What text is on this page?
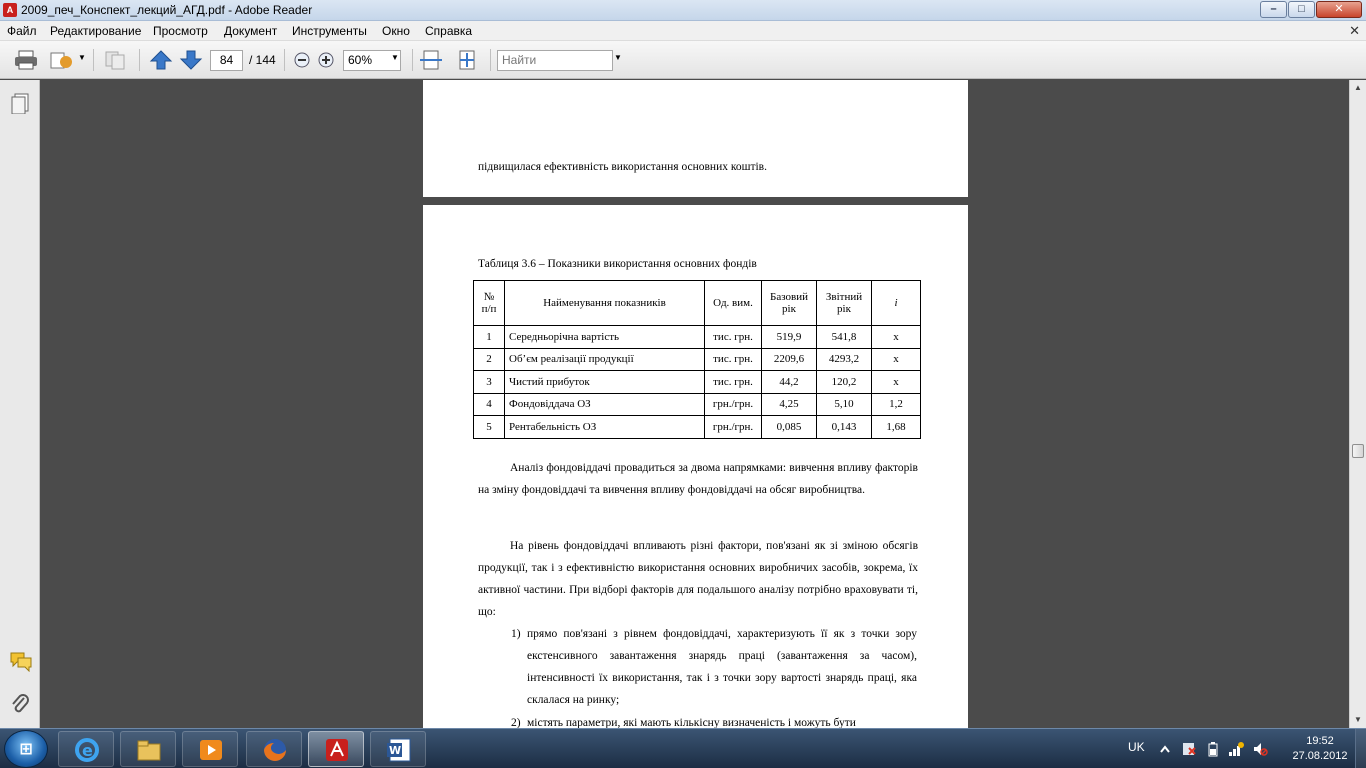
A 2009_печ_Конспект_лекций_АГД.pdf - Adobe Reader	–	□	✕
Файл Редактирование Просмотр Документ Инструменты Окно Справка	✕
▼	84	/ 144	60%	▼	Найти	▼
підвищилася ефективність використання основних коштів.
Таблиця 3.6 – Показники використання основних фондів
№ п/п	Найменування показників	Од. вим.	Базовий рік	Звітний рік	і
1	Середньорічна вартість	тис. грн.	519,9	541,8	х
2	Об’єм реалізації продукції	тис. грн.	2209,6	4293,2	х
3	Чистий прибуток	тис. грн.	44,2	120,2	х
4	Фондовіддача ОЗ	грн./грн.	4,25	5,10	1,2
5	Рентабельність ОЗ	грн./грн.	0,085	0,143	1,68
Аналіз фондовіддачі провадиться за двома напрямками: вивчення впливу факторів на зміну фондовіддачі та вивчення впливу фондовіддачі на обсяг виробництва.
На рівень фондовіддачі впливають різні фактори, пов'язані як зі зміною обсягів продукції, так і з ефективністю використання основних виробничих засобів, зокрема, їх активної частини. При відборі факторів для подальшого аналізу потрібно враховувати ті, що:
1) прямо пов'язані з рівнем фондовіддачі, характеризують її як з точки зору екстенсивного завантаження знарядь праці (завантаження за часом), інтенсивності їх використання, так і з точки зору вартості знарядь праці, яка склалася на ринку;
2) містять параметри, які мають кількісну визначеність і можуть бути
▲
▼
⊞	e	W	UK	19:52
27.08.2012
